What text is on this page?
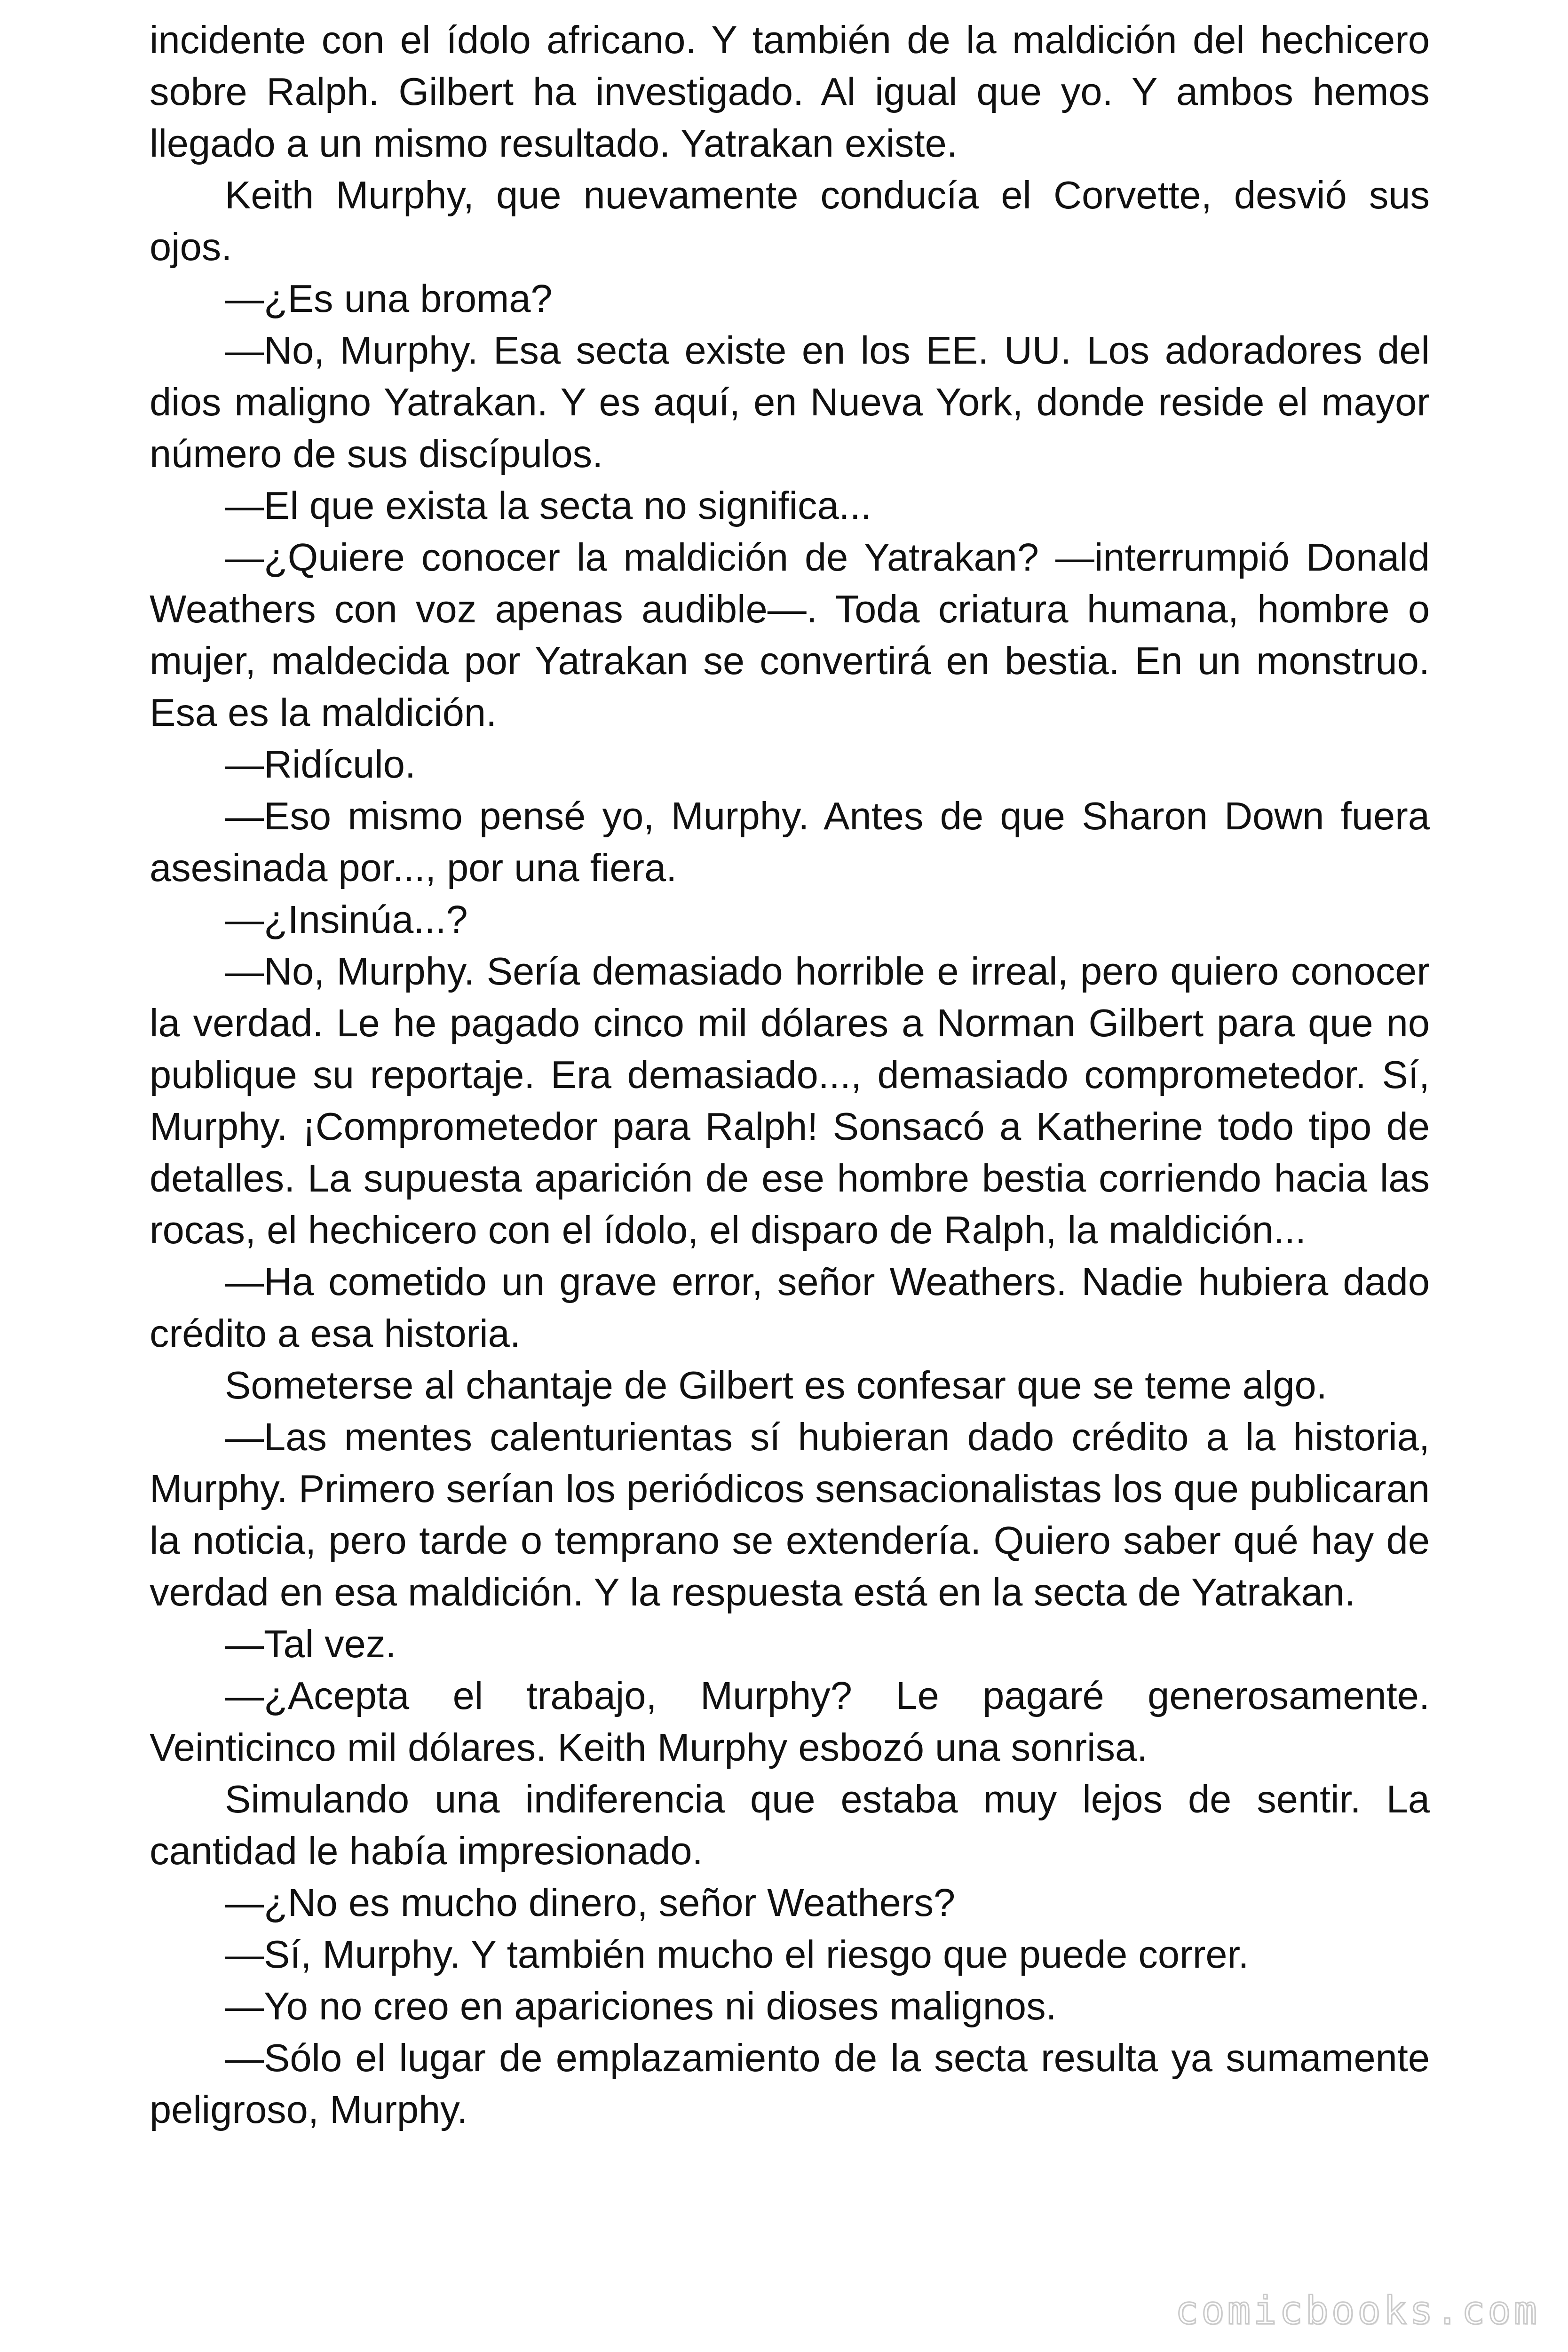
incidente con el ídolo africano. Y también de la maldición del hechicero sobre Ralph. Gilbert ha investigado. Al igual que yo. Y ambos hemos llegado a un mismo resultado. Yatrakan existe.

Keith Murphy, que nuevamente conducía el Corvette, desvió sus ojos.

—¿Es una broma?

—No, Murphy. Esa secta existe en los EE. UU. Los adoradores del dios maligno Yatrakan. Y es aquí, en Nueva York, donde reside el mayor número de sus discípulos.

—El que exista la secta no significa...

—¿Quiere conocer la maldición de Yatrakan? —interrumpió Donald Weathers con voz apenas audible—. Toda criatura humana, hombre o mujer, maldecida por Yatrakan se convertirá en bestia. En un monstruo. Esa es la maldición.

—Ridículo.

—Eso mismo pensé yo, Murphy. Antes de que Sharon Down fuera asesinada por..., por una fiera.

—¿Insinúa...?

—No, Murphy. Sería demasiado horrible e irreal, pero quiero conocer la verdad. Le he pagado cinco mil dólares a Norman Gilbert para que no publique su reportaje. Era demasiado..., demasiado comprometedor. Sí, Murphy. ¡Comprometedor para Ralph! Sonsacó a Katherine todo tipo de detalles. La supuesta aparición de ese hombre bestia corriendo hacia las rocas, el hechicero con el ídolo, el disparo de Ralph, la maldición...

—Ha cometido un grave error, señor Weathers. Nadie hubiera dado crédito a esa historia.

Someterse al chantaje de Gilbert es confesar que se teme algo.

—Las mentes calenturientas sí hubieran dado crédito a la historia, Murphy. Primero serían los periódicos sensacionalistas los que publicaran la noticia, pero tarde o temprano se extendería. Quiero saber qué hay de verdad en esa maldición. Y la respuesta está en la secta de Yatrakan.

—Tal vez.

—¿Acepta el trabajo, Murphy? Le pagaré generosamente. Veinticinco mil dólares. Keith Murphy esbozó una sonrisa.

Simulando una indiferencia que estaba muy lejos de sentir. La cantidad le había impresionado.

—¿No es mucho dinero, señor Weathers?

—Sí, Murphy. Y también mucho el riesgo que puede correr.

—Yo no creo en apariciones ni dioses malignos.

—Sólo el lugar de emplazamiento de la secta resulta ya sumamente peligroso, Murphy.

comicbooks.com
